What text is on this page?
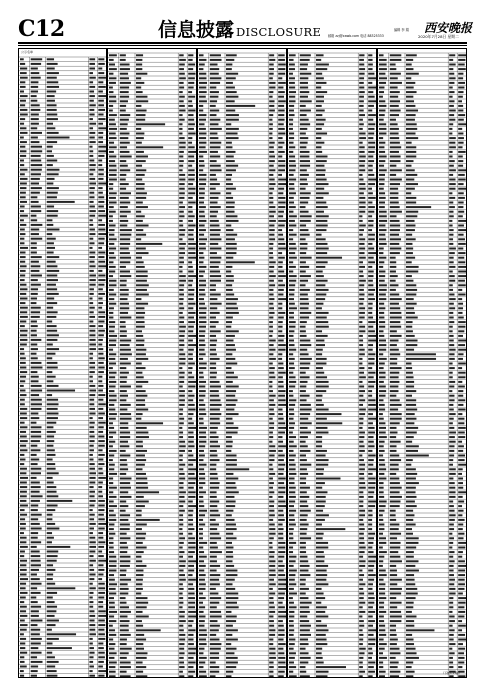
C12	信息披露 DISCLOSURE	编辑 李 娟
邮箱 zzj@xawb.com 电话 88325333
西安晚报
2020年7月28日 星期二
公示名单
（下转C13版）
